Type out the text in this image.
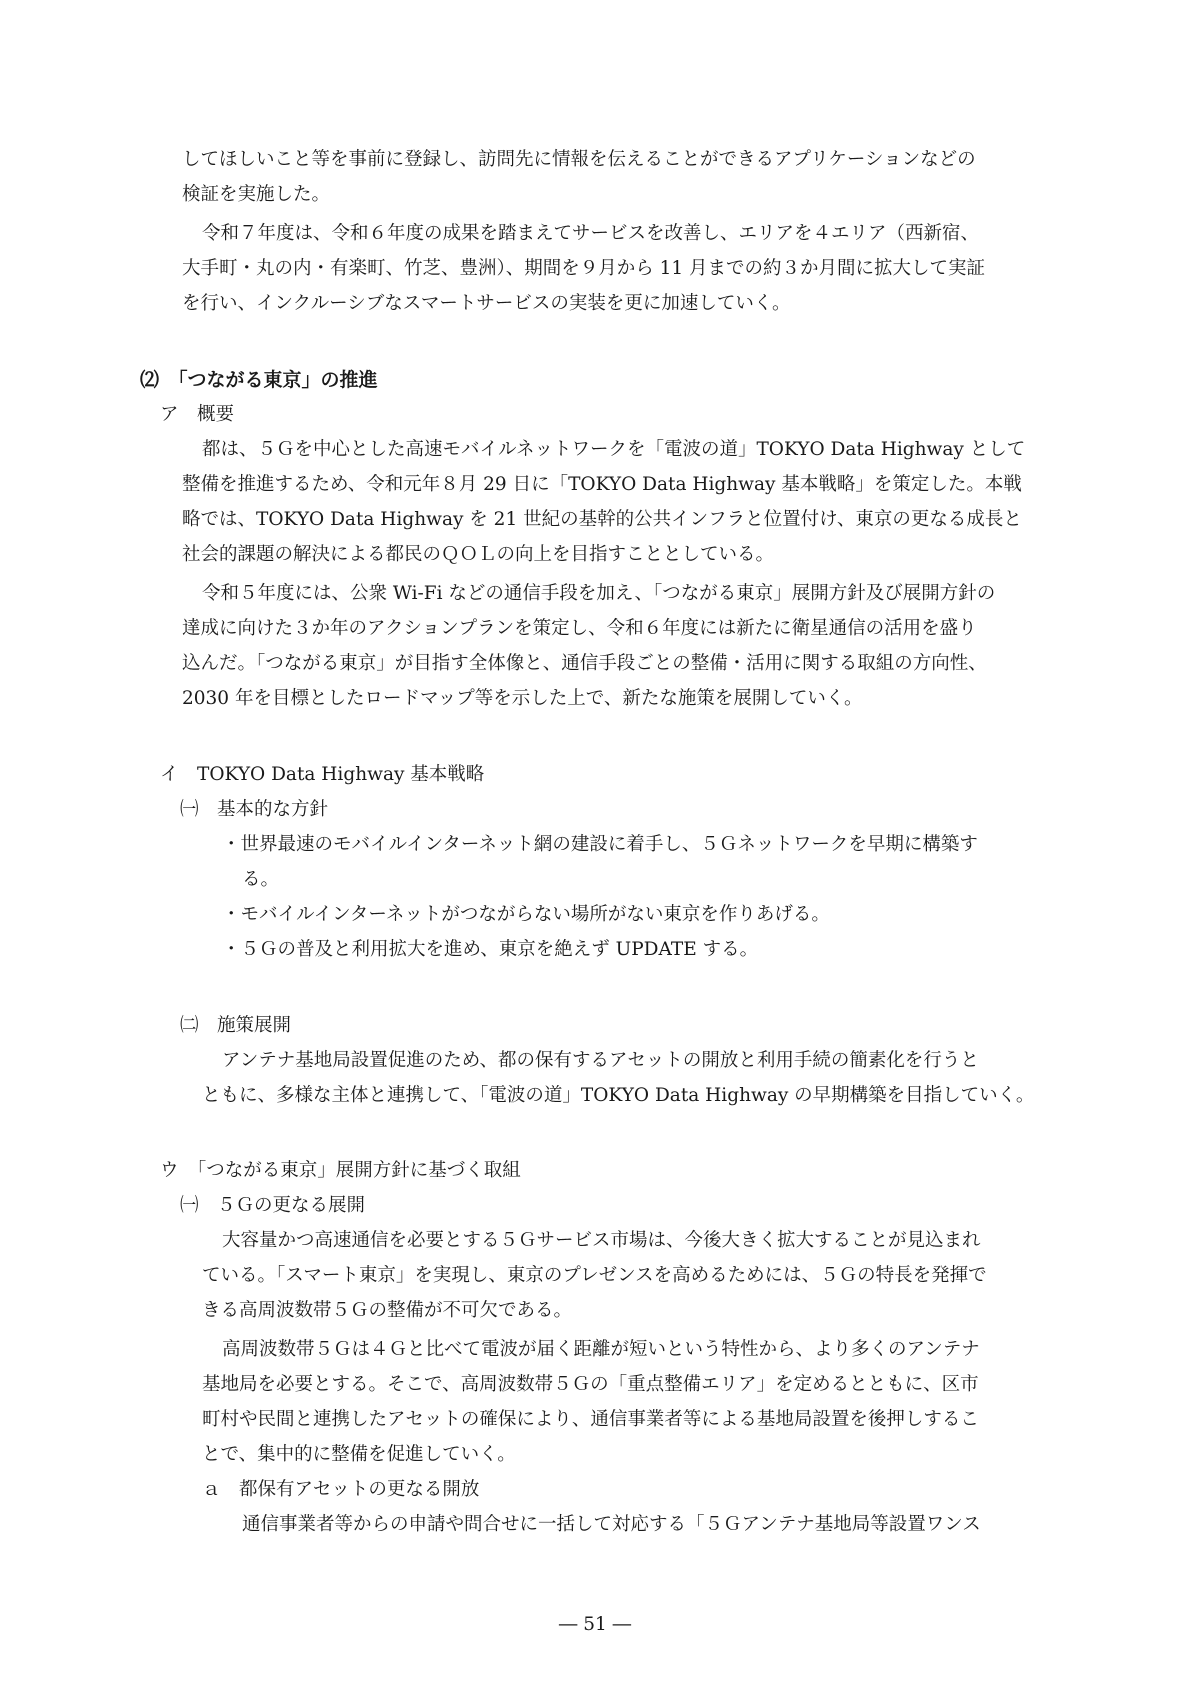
してほしいこと等を事前に登録し、訪問先に情報を伝えることができるアプリケーションなどの

検証を実施した。

令和７年度は、令和６年度の成果を踏まえてサービスを改善し、エリアを４エリア（西新宿、

大手町・丸の内・有楽町、竹芝、豊洲）、期間を９月から 11 月までの約３か月間に拡大して実証

を行い、インクルーシブなスマートサービスの実装を更に加速していく。

⑵　「つながる東京」の推進

ア　概要

都は、５Ｇを中心とした高速モバイルネットワークを「電波の道」TOKYO Data Highway として

整備を推進するため、令和元年８月 29 日に「TOKYO Data Highway 基本戦略」を策定した。本戦

略では、TOKYO Data Highway を 21 世紀の基幹的公共インフラと位置付け、東京の更なる成長と

社会的課題の解決による都民のＱＯＬの向上を目指すこととしている。

令和５年度には、公衆 Wi-Fi などの通信手段を加え、「つながる東京」展開方針及び展開方針の

達成に向けた３か年のアクションプランを策定し、令和６年度には新たに衛星通信の活用を盛り

込んだ。「つながる東京」が目指す全体像と、通信手段ごとの整備・活用に関する取組の方向性、

2030 年を目標としたロードマップ等を示した上で、新たな施策を展開していく。

イ　TOKYO Data Highway 基本戦略

㈠　基本的な方針

・世界最速のモバイルインターネット網の建設に着手し、５Ｇネットワークを早期に構築す

る。

・モバイルインターネットがつながらない場所がない東京を作りあげる。

・５Ｇの普及と利用拡大を進め、東京を絶えず UPDATE する。

㈡　施策展開

アンテナ基地局設置促進のため、都の保有するアセットの開放と利用手続の簡素化を行うと

ともに、多様な主体と連携して、「電波の道」TOKYO Data Highway の早期構築を目指していく。

ウ　「つながる東京」展開方針に基づく取組

㈠　５Ｇの更なる展開

大容量かつ高速通信を必要とする５Ｇサービス市場は、今後大きく拡大することが見込まれ

ている。「スマート東京」を実現し、東京のプレゼンスを高めるためには、５Ｇの特長を発揮で

きる高周波数帯５Ｇの整備が不可欠である。

高周波数帯５Ｇは４Ｇと比べて電波が届く距離が短いという特性から、より多くのアンテナ

基地局を必要とする。そこで、高周波数帯５Ｇの「重点整備エリア」を定めるとともに、区市

町村や民間と連携したアセットの確保により、通信事業者等による基地局設置を後押しするこ

とで、集中的に整備を促進していく。

ａ　都保有アセットの更なる開放

通信事業者等からの申請や問合せに一括して対応する「５Ｇアンテナ基地局等設置ワンス

― 51 ―
